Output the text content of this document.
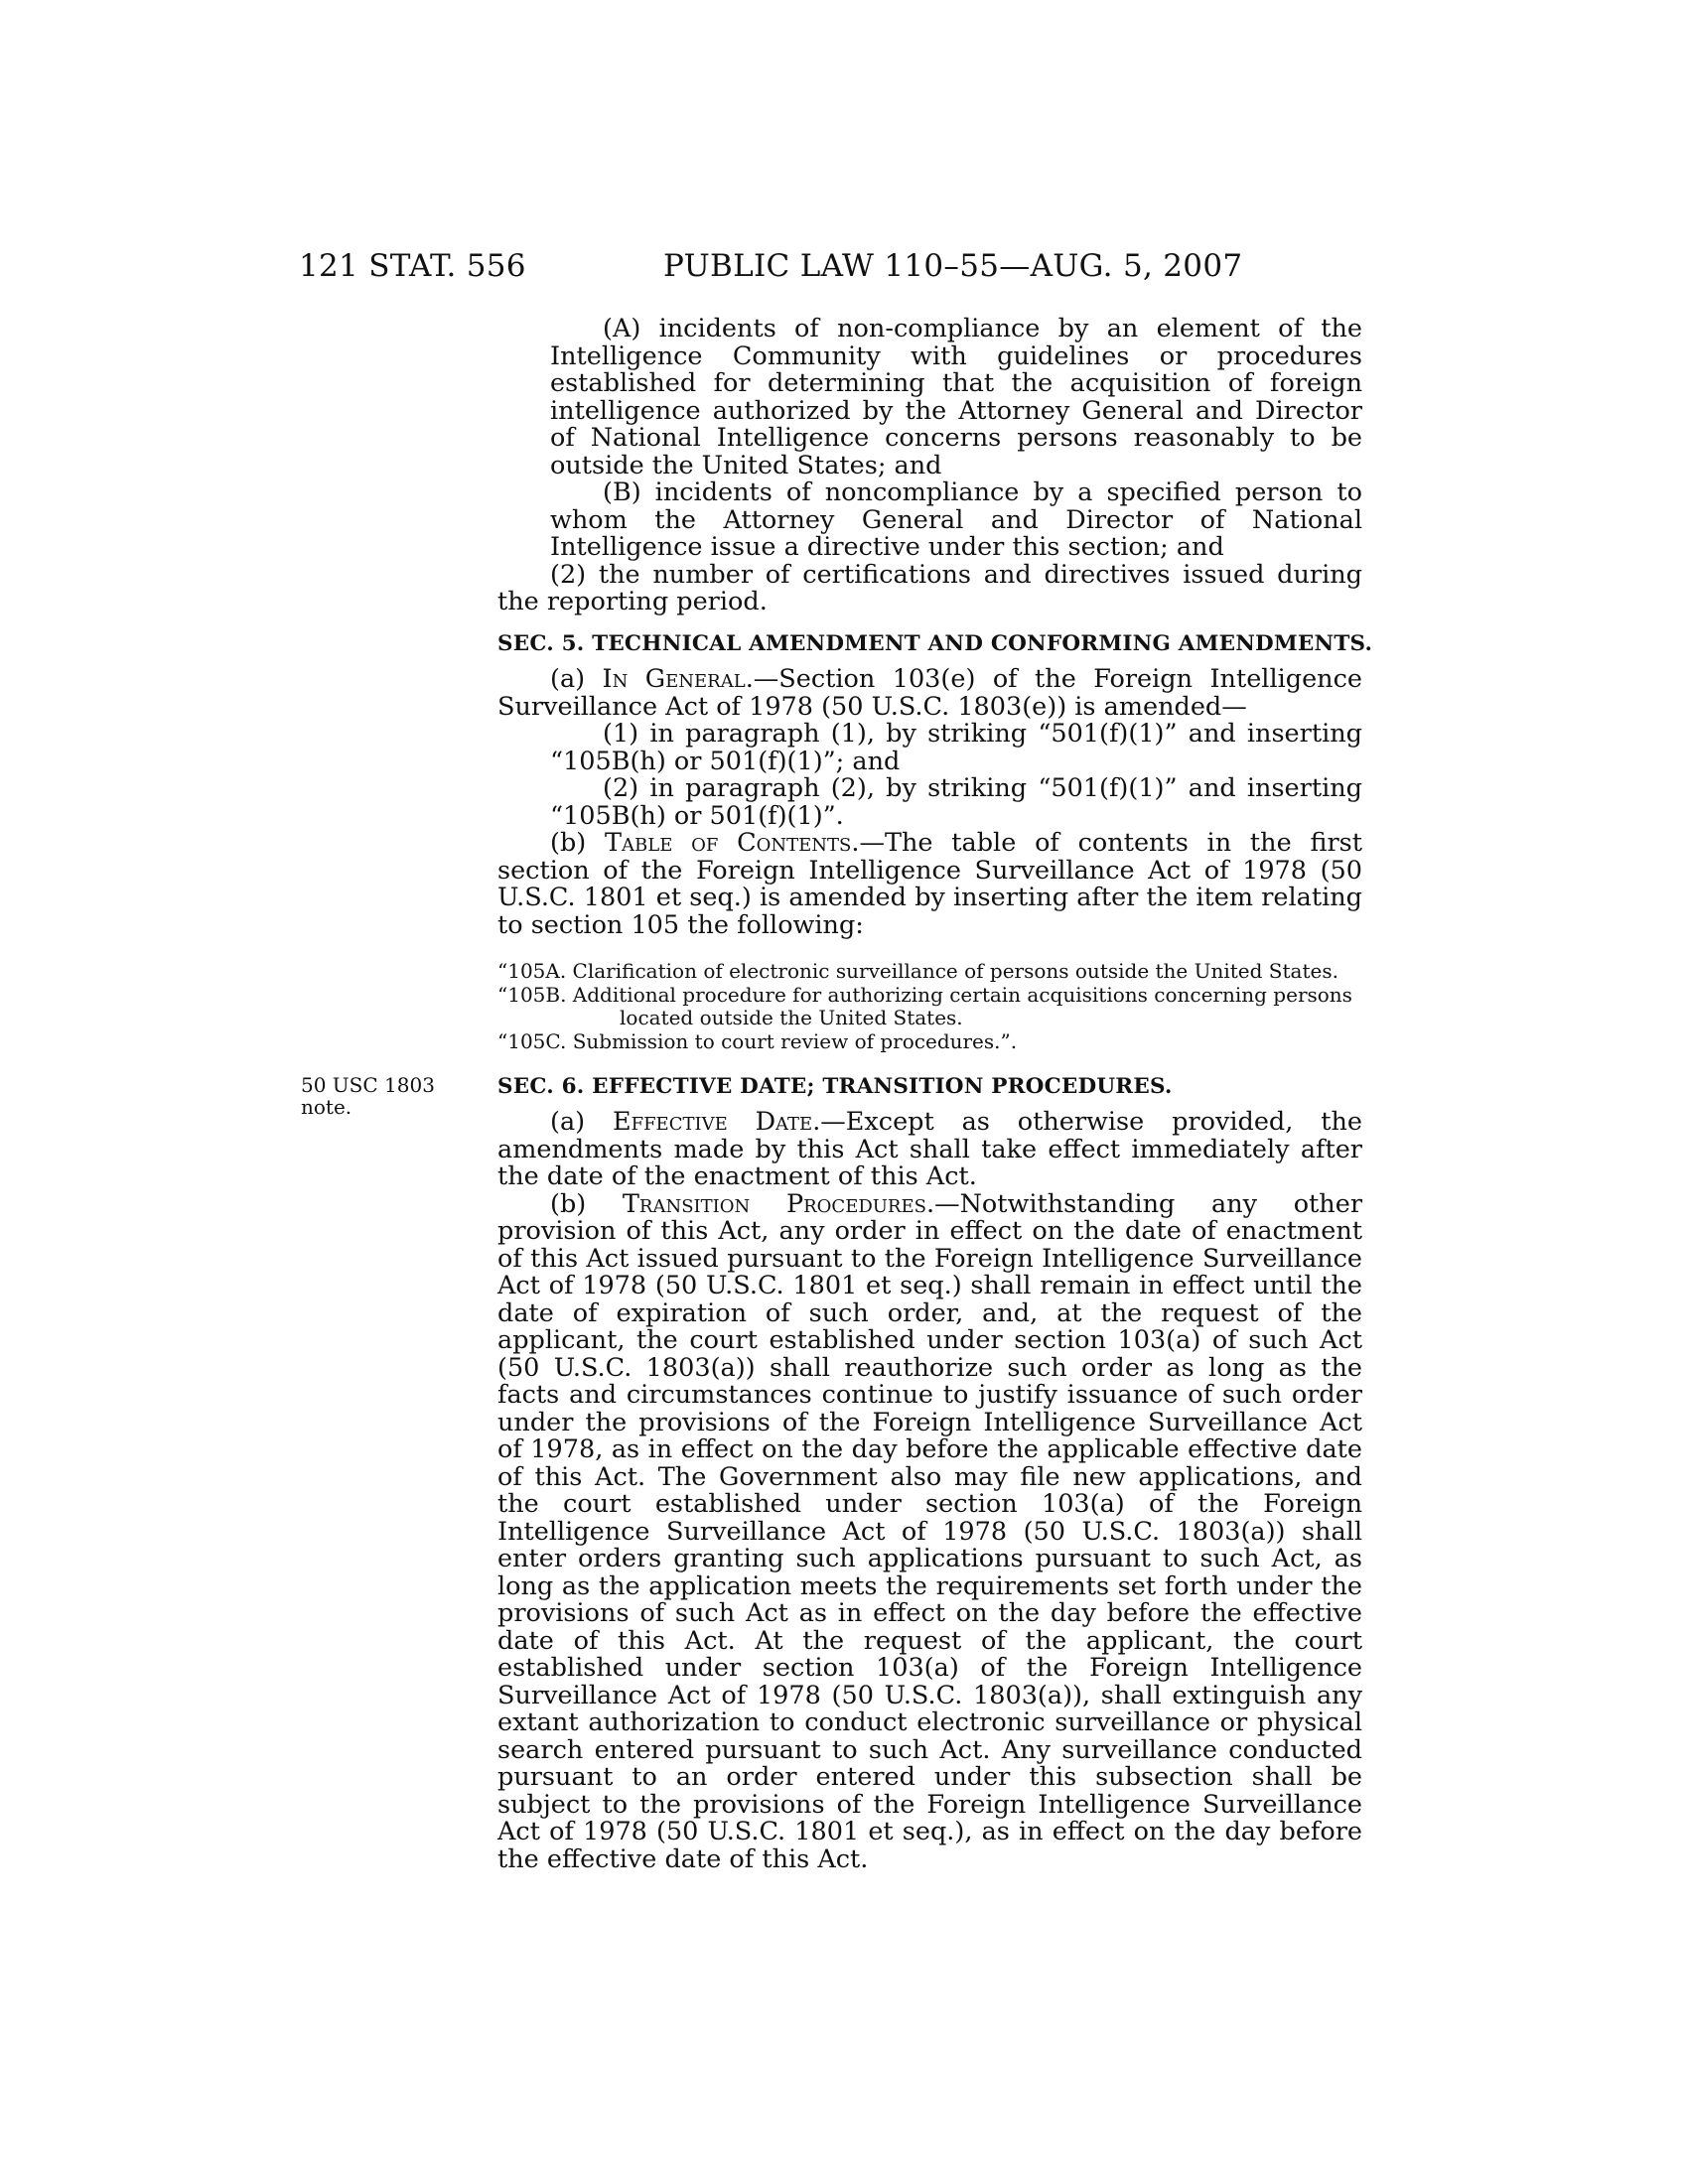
121 STAT. 556	PUBLIC LAW 110–55—AUG. 5, 2007

(A) incidents of non-compliance by an element of the Intelligence Community with guidelines or procedures established for determining that the acquisition of foreign intelligence authorized by the Attorney General and Director of National Intelligence concerns persons reasonably to be outside the United States; and

(B) incidents of noncompliance by a specified person to whom the Attorney General and Director of National Intelligence issue a directive under this section; and

(2) the number of certifications and directives issued during the reporting period.

SEC. 5. TECHNICAL AMENDMENT AND CONFORMING AMENDMENTS.

(a) In General.—Section 103(e) of the Foreign Intelligence Surveillance Act of 1978 (50 U.S.C. 1803(e)) is amended—

(1) in paragraph (1), by striking “501(f)(1)” and inserting “105B(h) or 501(f)(1)”; and

(2) in paragraph (2), by striking “501(f)(1)” and inserting “105B(h) or 501(f)(1)”.

(b) Table of Contents.—The table of contents in the first section of the Foreign Intelligence Surveillance Act of 1978 (50 U.S.C. 1801 et seq.) is amended by inserting after the item relating to section 105 the following:

“105A. Clarification of electronic surveillance of persons outside the United States.

“105B. Additional procedure for authorizing certain acquisitions concerning persons located outside the United States.

“105C. Submission to court review of procedures.”.

50 USC 1803
note.
SEC. 6. EFFECTIVE DATE; TRANSITION PROCEDURES.

(a) Effective Date.—Except as otherwise provided, the amendments made by this Act shall take effect immediately after the date of the enactment of this Act.

(b) Transition Procedures.—Notwithstanding any other provision of this Act, any order in effect on the date of enactment of this Act issued pursuant to the Foreign Intelligence Surveillance Act of 1978 (50 U.S.C. 1801 et seq.) shall remain in effect until the date of expiration of such order, and, at the request of the applicant, the court established under section 103(a) of such Act (50 U.S.C. 1803(a)) shall reauthorize such order as long as the facts and circumstances continue to justify issuance of such order under the provisions of the Foreign Intelligence Surveillance Act of 1978, as in effect on the day before the applicable effective date of this Act. The Government also may file new applications, and the court established under section 103(a) of the Foreign Intelligence Surveillance Act of 1978 (50 U.S.C. 1803(a)) shall enter orders granting such applications pursuant to such Act, as long as the application meets the requirements set forth under the provisions of such Act as in effect on the day before the effective date of this Act. At the request of the applicant, the court established under section 103(a) of the Foreign Intelligence Surveillance Act of 1978 (50 U.S.C. 1803(a)), shall extinguish any extant authorization to conduct electronic surveillance or physical search entered pursuant to such Act. Any surveillance conducted pursuant to an order entered under this subsection shall be subject to the provisions of the Foreign Intelligence Surveillance Act of 1978 (50 U.S.C. 1801 et seq.), as in effect on the day before the effective date of this Act.
